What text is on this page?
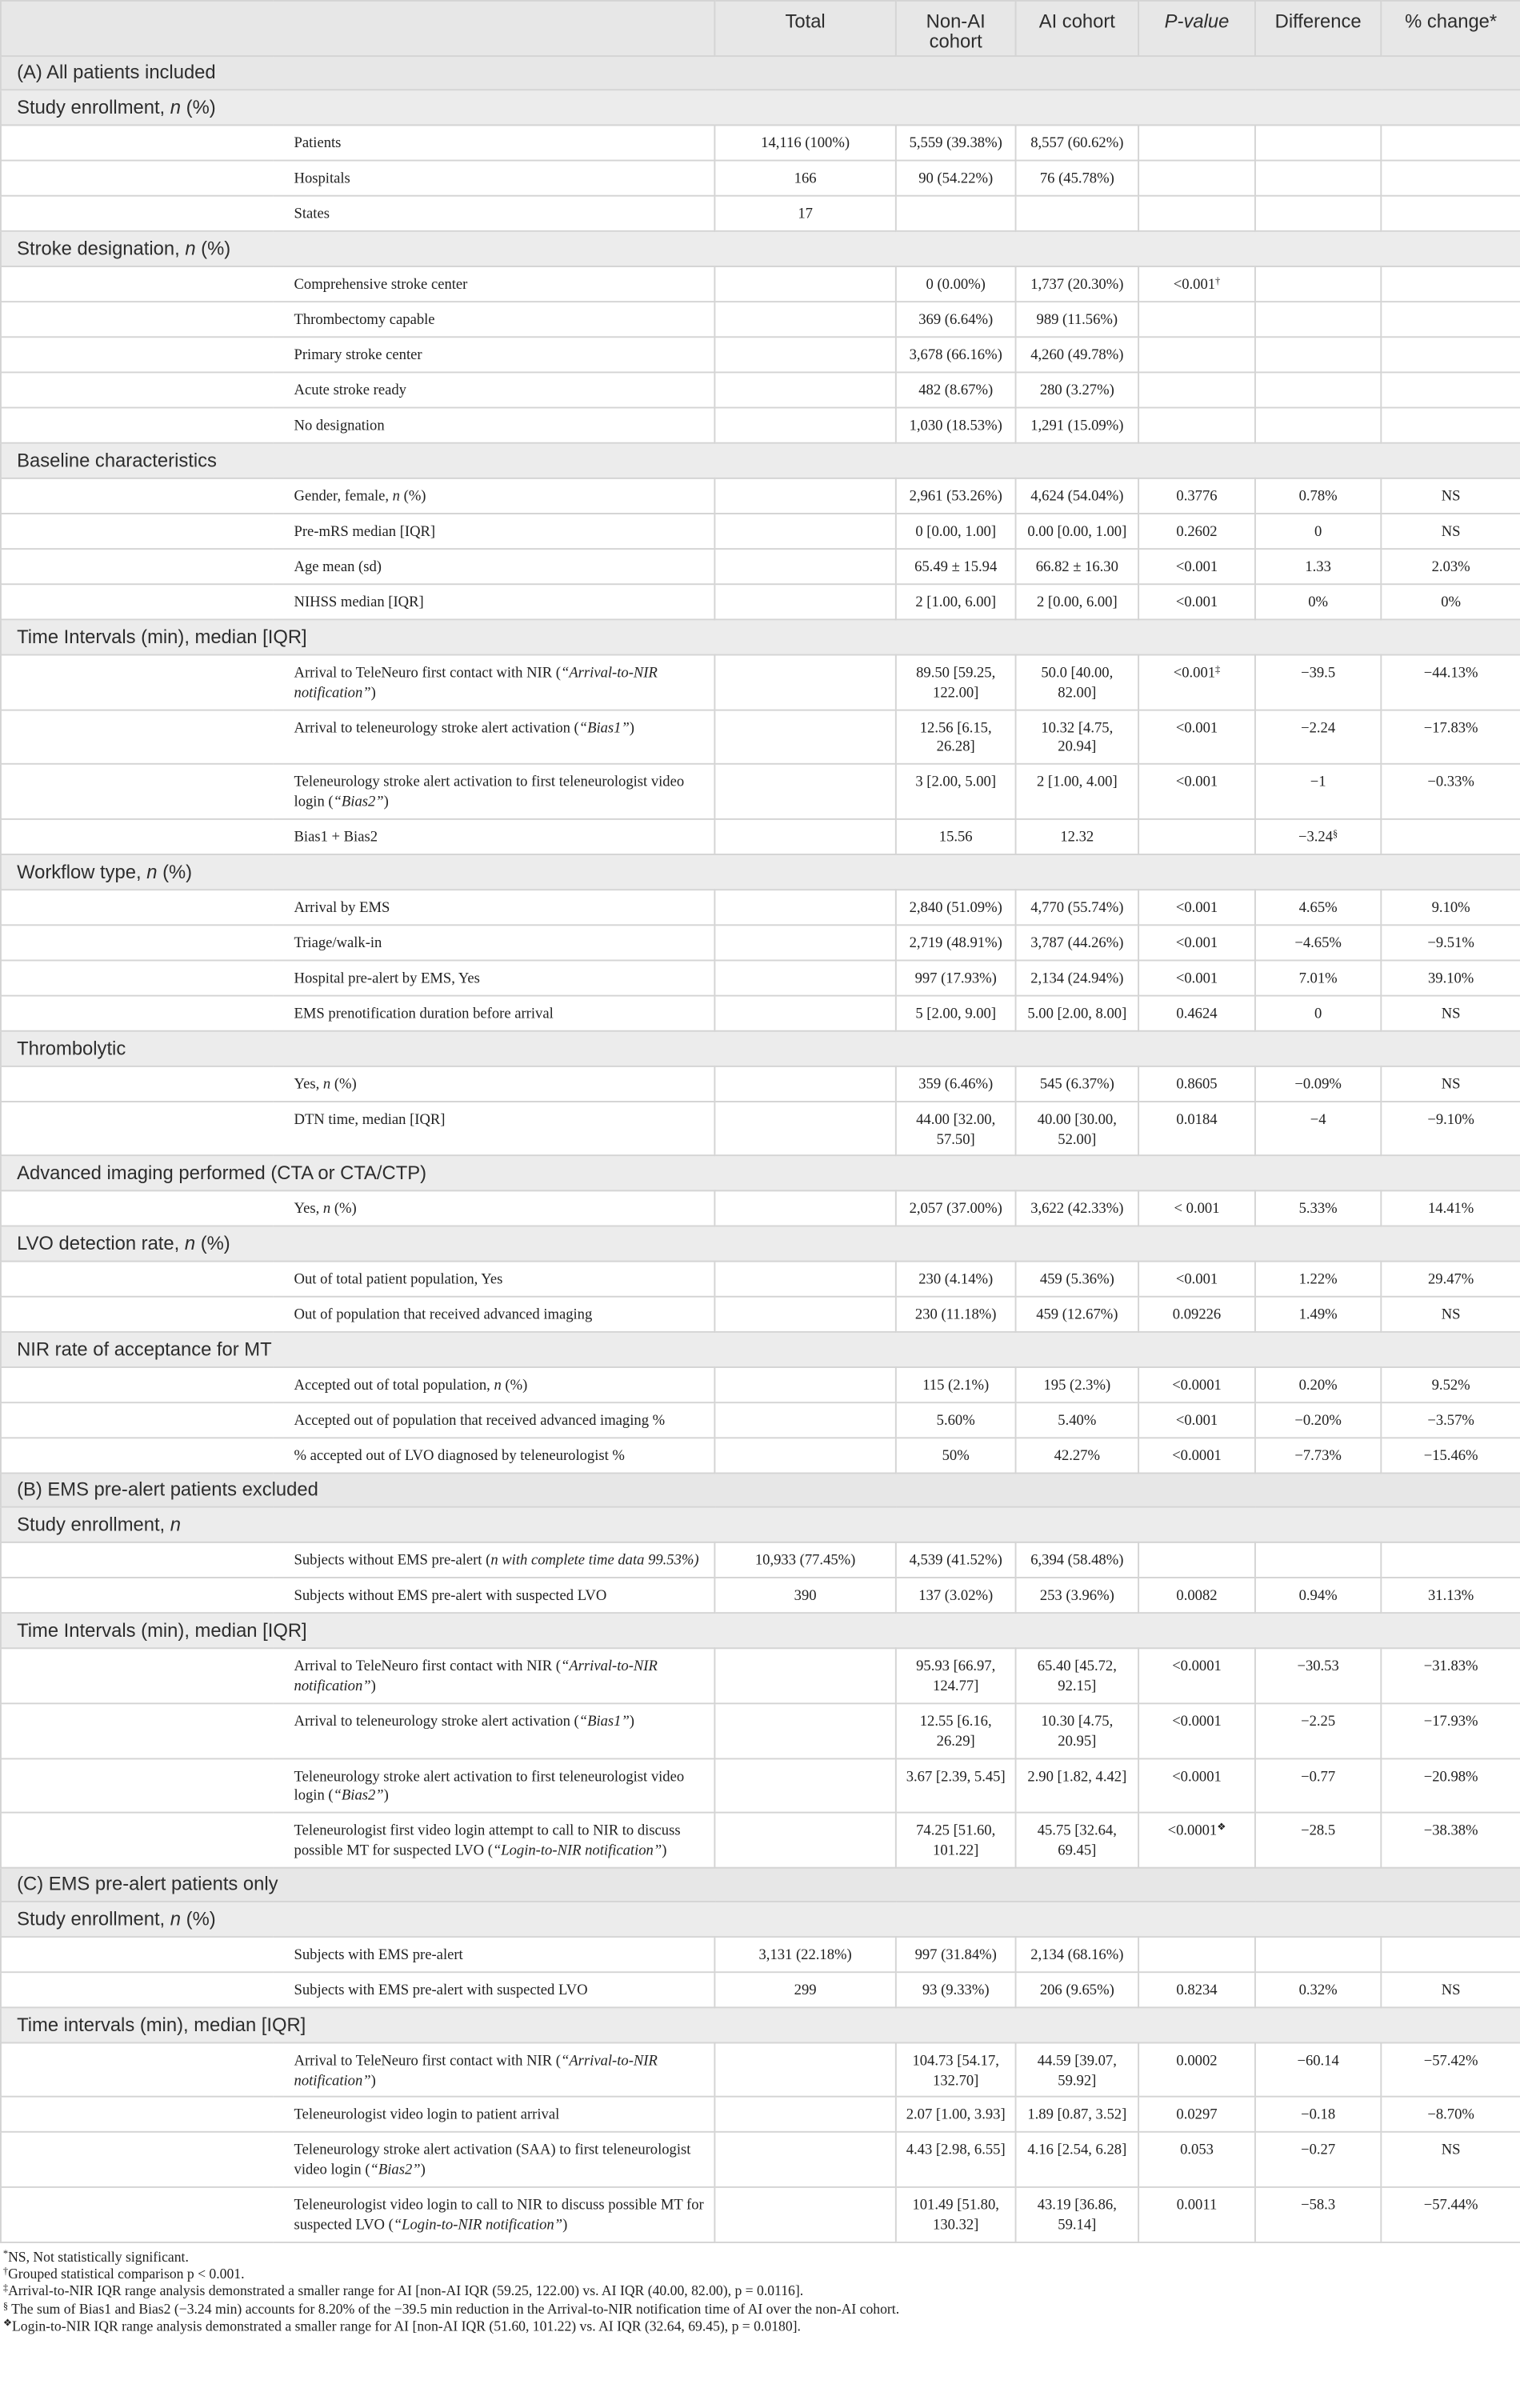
		Total	Non-AI cohort	AI cohort	P-value	Difference	% change*
(A) All patients included							
Study enrollment, n (%)							
	Patients	14,116 (100%)	5,559 (39.38%)	8,557 (60.62%)			
	Hospitals	166	90 (54.22%)	76 (45.78%)			
	States	17					
Stroke designation, n (%)							
	Comprehensive stroke center		0 (0.00%)	1,737 (20.30%)	<0.001†		
	Thrombectomy capable		369 (6.64%)	989 (11.56%)			
	Primary stroke center		3,678 (66.16%)	4,260 (49.78%)			
	Acute stroke ready		482 (8.67%)	280 (3.27%)			
	No designation		1,030 (18.53%)	1,291 (15.09%)			
Baseline characteristics							
	Gender, female, n (%)		2,961 (53.26%)	4,624 (54.04%)	0.3776	0.78%	NS
	Pre-mRS median [IQR]		0 [0.00, 1.00]	0.00 [0.00, 1.00]	0.2602	0	NS
	Age mean (sd)		65.49 ± 15.94	66.82 ± 16.30	<0.001	1.33	2.03%
	NIHSS median [IQR]		2 [1.00, 6.00]	2 [0.00, 6.00]	<0.001	0%	0%
Time Intervals (min), median [IQR]							
	Arrival to TeleNeuro first contact with NIR (“Arrival-to-NIR notification”)		89.50 [59.25, 122.00]	50.0 [40.00, 82.00]	<0.001‡	−39.5	−44.13%
	Arrival to teleneurology stroke alert activation (“Bias1”)		12.56 [6.15, 26.28]	10.32 [4.75, 20.94]	<0.001	−2.24	−17.83%
	Teleneurology stroke alert activation to first teleneurologist video login (“Bias2”)		3 [2.00, 5.00]	2 [1.00, 4.00]	<0.001	−1	−0.33%
	Bias1 + Bias2		15.56	12.32		−3.24§	
Workflow type, n (%)							
	Arrival by EMS		2,840 (51.09%)	4,770 (55.74%)	<0.001	4.65%	9.10%
	Triage/walk-in		2,719 (48.91%)	3,787 (44.26%)	<0.001	−4.65%	−9.51%
	Hospital pre-alert by EMS, Yes		997 (17.93%)	2,134 (24.94%)	<0.001	7.01%	39.10%
	EMS prenotification duration before arrival		5 [2.00, 9.00]	5.00 [2.00, 8.00]	0.4624	0	NS
Thrombolytic							
	Yes, n (%)		359 (6.46%)	545 (6.37%)	0.8605	−0.09%	NS
	DTN time, median [IQR]		44.00 [32.00, 57.50]	40.00 [30.00, 52.00]	0.0184	−4	−9.10%
Advanced imaging performed (CTA or CTA/CTP)							
	Yes, n (%)		2,057 (37.00%)	3,622 (42.33%)	< 0.001	5.33%	14.41%
LVO detection rate, n (%)							
	Out of total patient population, Yes		230 (4.14%)	459 (5.36%)	<0.001	1.22%	29.47%
	Out of population that received advanced imaging		230 (11.18%)	459 (12.67%)	0.09226	1.49%	NS
NIR rate of acceptance for MT							
	Accepted out of total population, n (%)		115 (2.1%)	195 (2.3%)	<0.0001	0.20%	9.52%
	Accepted out of population that received advanced imaging %		5.60%	5.40%	<0.001	−0.20%	−3.57%
	% accepted out of LVO diagnosed by teleneurologist %		50%	42.27%	<0.0001	−7.73%	−15.46%
(B) EMS pre-alert patients excluded							
Study enrollment, n							
	Subjects without EMS pre-alert (n with complete time data 99.53%)	10,933 (77.45%)	4,539 (41.52%)	6,394 (58.48%)			
	Subjects without EMS pre-alert with suspected LVO	390	137 (3.02%)	253 (3.96%)	0.0082	0.94%	31.13%
Time Intervals (min), median [IQR]							
	Arrival to TeleNeuro first contact with NIR (“Arrival-to-NIR notification”)		95.93 [66.97, 124.77]	65.40 [45.72, 92.15]	<0.0001	−30.53	−31.83%
	Arrival to teleneurology stroke alert activation (“Bias1”)		12.55 [6.16, 26.29]	10.30 [4.75, 20.95]	<0.0001	−2.25	−17.93%
	Teleneurology stroke alert activation to first teleneurologist video login (“Bias2”)		3.67 [2.39, 5.45]	2.90 [1.82, 4.42]	<0.0001	−0.77	−20.98%
	Teleneurologist first video login attempt to call to NIR to discuss possible MT for suspected LVO (“Login-to-NIR notification”)		74.25 [51.60, 101.22]	45.75 [32.64, 69.45]	<0.0001❖	−28.5	−38.38%
(C) EMS pre-alert patients only							
Study enrollment, n (%)							
	Subjects with EMS pre-alert	3,131 (22.18%)	997 (31.84%)	2,134 (68.16%)			
	Subjects with EMS pre-alert with suspected LVO	299	93 (9.33%)	206 (9.65%)	0.8234	0.32%	NS
Time intervals (min), median [IQR]							
	Arrival to TeleNeuro first contact with NIR (“Arrival-to-NIR notification”)		104.73 [54.17, 132.70]	44.59 [39.07, 59.92]	0.0002	−60.14	−57.42%
	Teleneurologist video login to patient arrival		2.07 [1.00, 3.93]	1.89 [0.87, 3.52]	0.0297	−0.18	−8.70%
	Teleneurology stroke alert activation (SAA) to first teleneurologist video login (“Bias2”)		4.43 [2.98, 6.55]	4.16 [2.54, 6.28]	0.053	−0.27	NS
	Teleneurologist video login to call to NIR to discuss possible MT for suspected LVO (“Login-to-NIR notification”)		101.49 [51.80, 130.32]	43.19 [36.86, 59.14]	0.0011	−58.3	−57.44%
*NS, Not statistically significant.
†Grouped statistical comparison p < 0.001.
‡Arrival-to-NIR IQR range analysis demonstrated a smaller range for AI [non-AI IQR (59.25, 122.00) vs. AI IQR (40.00, 82.00), p = 0.0116].
§ The sum of Bias1 and Bias2 (−3.24 min) accounts for 8.20% of the −39.5 min reduction in the Arrival-to-NIR notification time of AI over the non-AI cohort.
❖Login-to-NIR IQR range analysis demonstrated a smaller range for AI [non-AI IQR (51.60, 101.22) vs. AI IQR (32.64, 69.45), p = 0.0180].
